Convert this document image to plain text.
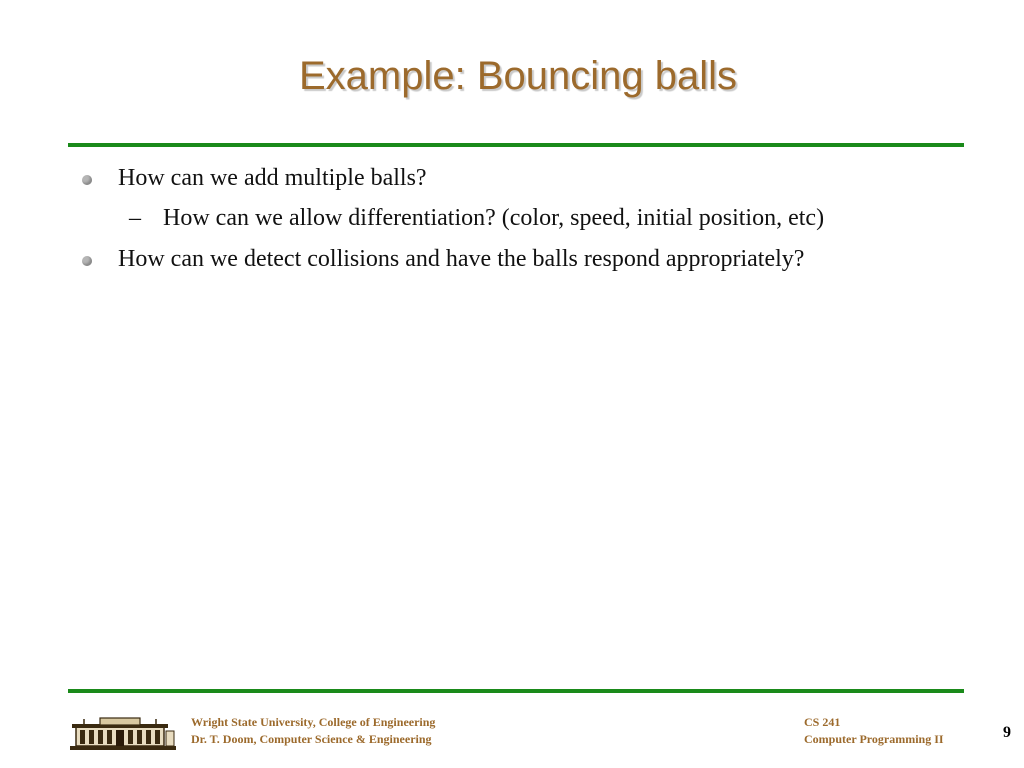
Example: Bouncing balls
How can we add multiple balls?
– How can we allow differentiation? (color, speed, initial position, etc)
How can we detect collisions and have the balls respond appropriately?
Wright State University, College of Engineering
Dr. T. Doom, Computer Science & Engineering
CS 241
Computer Programming II	9
